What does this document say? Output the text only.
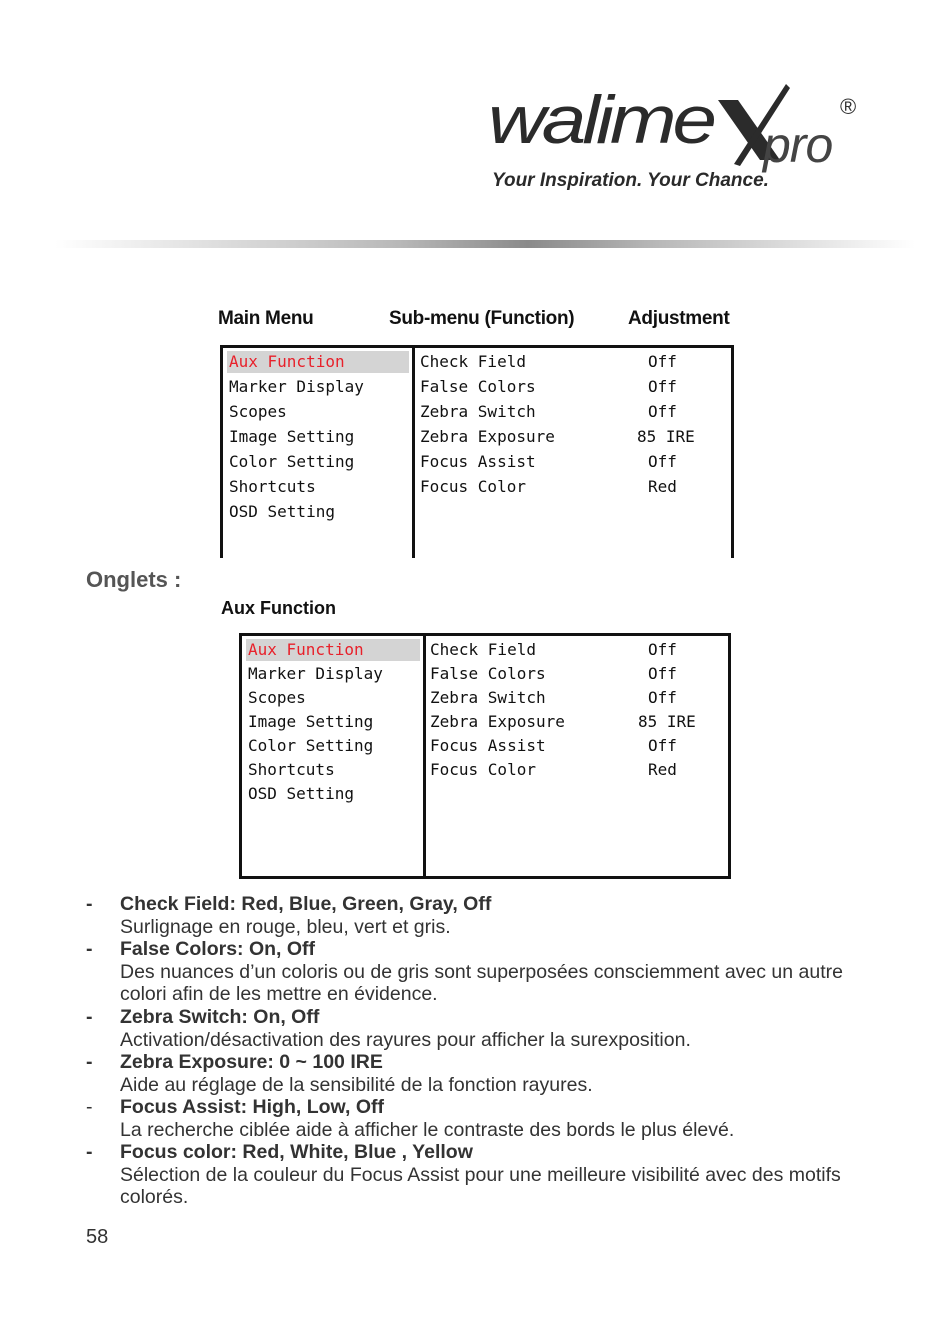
walime pro
®
Your Inspiration. Your Chance.
Main Menu	Sub-menu (Function)	Adjustment
Aux Function
Marker Display
Scopes
Image Setting
Color Setting
Shortcuts
OSD Setting
Check Field
False Colors
Zebra Switch
Zebra Exposure
Focus Assist
Focus Color
Off
Off
Off
85 IRE
Off
Red
Onglets :
Aux Function
Aux Function
Marker Display
Scopes
Image Setting
Color Setting
Shortcuts
OSD Setting
Check Field
False Colors
Zebra Switch
Zebra Exposure
Focus Assist
Focus Color
Off
Off
Off
85 IRE
Off
Red
- Check Field: Red, Blue, Green, Gray, Off
Surlignage en rouge, bleu, vert et gris.
- False Colors: On, Off
Des nuances d’un coloris ou de gris sont superposées consciemment avec un autre colori afin de les mettre en évidence.
- Zebra Switch: On, Off
Activation/désactivation des rayures pour afficher la surexposition.
- Zebra Exposure: 0 ~ 100 IRE
Aide au réglage de la sensibilité de la fonction rayures.
- Focus Assist: High, Low, Off
La recherche ciblée aide à afficher le contraste des bords le plus élevé.
- Focus color: Red, White, Blue , Yellow
Sélection de la couleur du Focus Assist pour une meilleure visibilité avec des motifs colorés.
58
